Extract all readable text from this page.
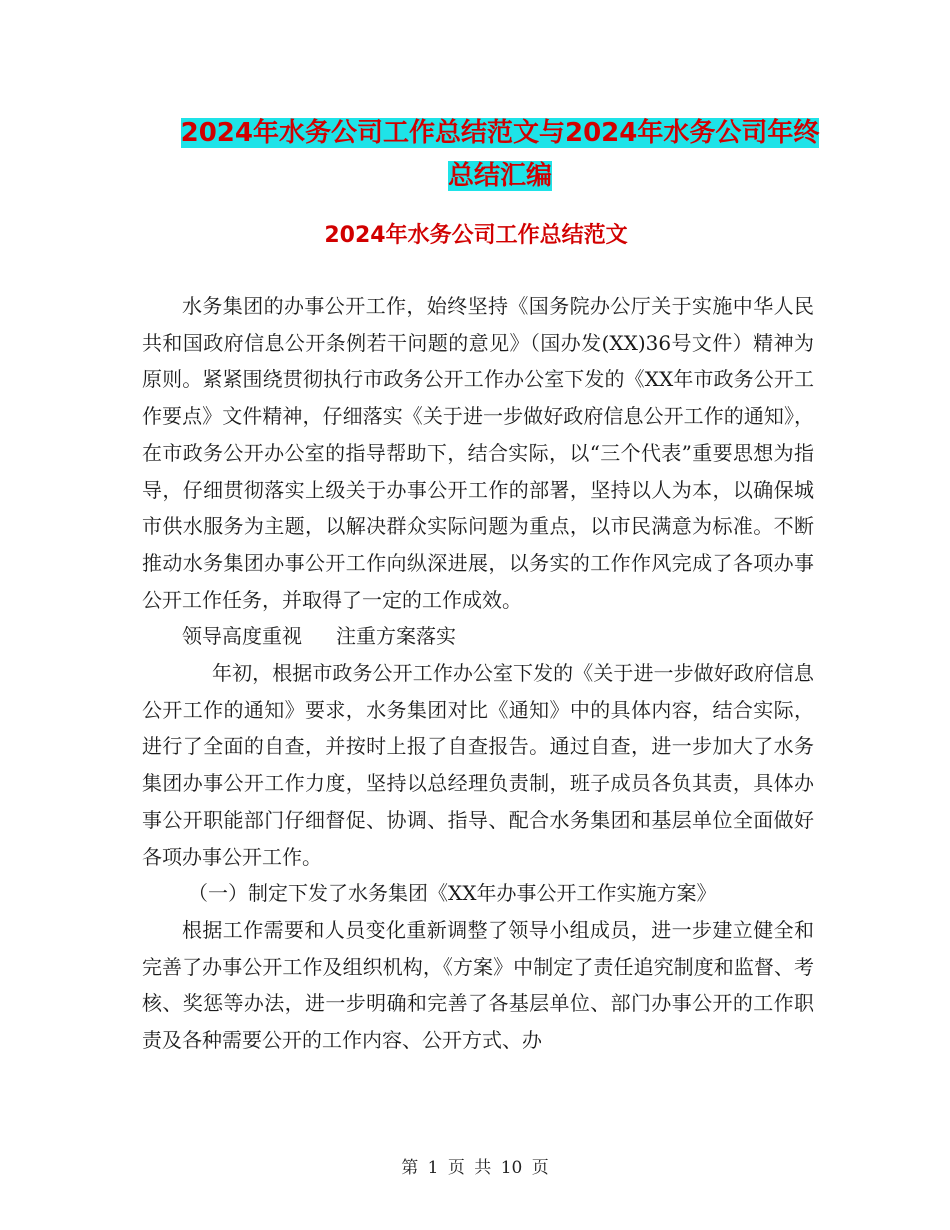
2024年水务公司工作总结范文与2024年水务公司年终
总结汇编
2024年水务公司工作总结范文

水务集团的办事公开工作，始终坚持《国务院办公厅关于实施中华人民共和国政府信息公开条例若干问题的意见》（国办发(XX)36号文件）精神为原则。紧紧围绕贯彻执行市政务公开工作办公室下发的《XX年市政务公开工作要点》文件精神，仔细落实《关于进一步做好政府信息公开工作的通知》，在市政务公开办公室的指导帮助下，结合实际，以“三个代表”重要思想为指导，仔细贯彻落实上级关于办事公开工作的部署，坚持以人为本，以确保城市供水服务为主题，以解决群众实际问题为重点，以市民满意为标准。不断推动水务集团办事公开工作向纵深进展，以务实的工作作风完成了各项办事公开工作任务，并取得了一定的工作成效。

领导高度重视 注重方案落实

年初，根据市政务公开工作办公室下发的《关于进一步做好政府信息公开工作的通知》要求，水务集团对比《通知》中的具体内容，结合实际，进行了全面的自查，并按时上报了自查报告。通过自查，进一步加大了水务集团办事公开工作力度，坚持以总经理负责制，班子成员各负其责，具体办事公开职能部门仔细督促、协调、指导、配合水务集团和基层单位全面做好各项办事公开工作。

（一）制定下发了水务集团《XX年办事公开工作实施方案》

根据工作需要和人员变化重新调整了领导小组成员，进一步建立健全和完善了办事公开工作及组织机构，《方案》中制定了责任追究制度和监督、考核、奖惩等办法，进一步明确和完善了各基层单位、部门办事公开的工作职责及各种需要公开的工作内容、公开方式、办

第 1 页 共 10 页
